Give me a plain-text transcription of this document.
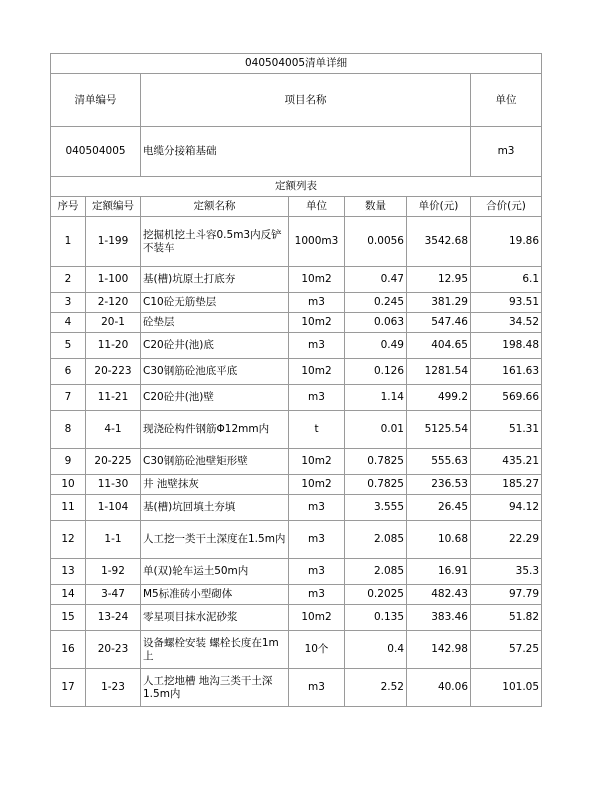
040504005清单详细							
清单编号		项目名称				单位	
040504005		电缆分接箱基础				m3	
定额列表							
序号	定额编号	定额名称	单位	数量	单价(元)	合价(元)	
1	1-199	挖掘机挖土斗容0.5m3内反铲不装车	1000m3	0.0056	3542.68	19.86	
2	1-100	基(槽)坑原土打底夯	10m2	0.47	12.95	6.1	
3	2-120	C10砼无筋垫层	m3	0.245	381.29	93.51	
4	20-1	砼垫层	10m2	0.063	547.46	34.52	
5	11-20	C20砼井(池)底	m3	0.49	404.65	198.48	
6	20-223	C30钢筋砼池底平底	10m2	0.126	1281.54	161.63	
7	11-21	C20砼井(池)壁	m3	1.14	499.2	569.66	
8	4-1	现浇砼构件钢筋Φ12mm内	t	0.01	5125.54	51.31	
9	20-225	C30钢筋砼池壁矩形壁	10m2	0.7825	555.63	435.21	
10	11-30	井 池壁抹灰	10m2	0.7825	236.53	185.27	
11	1-104	基(槽)坑回填土夯填	m3	3.555	26.45	94.12	
12	1-1	人工挖一类干土深度在1.5m内	m3	2.085	10.68	22.29	
13	1-92	单(双)轮车运土50m内	m3	2.085	16.91	35.3	
14	3-47	M5标准砖小型砌体	m3	0.2025	482.43	97.79	
15	13-24	零星项目抹水泥砂浆	10m2	0.135	383.46	51.82	
16	20-23	设备螺栓安装 螺栓长度在1m上	10个	0.4	142.98	57.25	
17	1-23	人工挖地槽 地沟三类干土深1.5m内	m3	2.52	40.06	101.05	
